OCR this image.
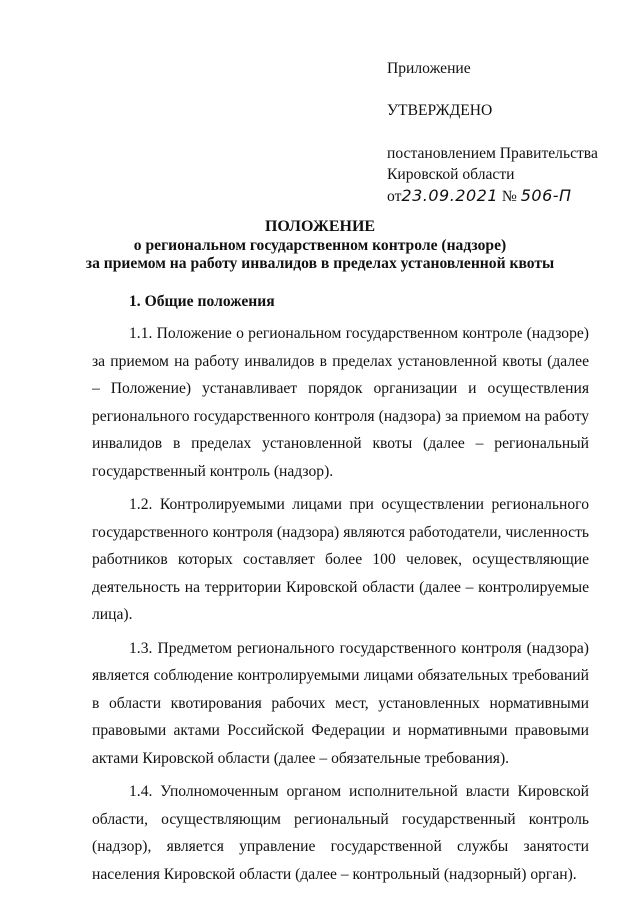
Приложение
УТВЕРЖДЕНО
постановлением Правительства
Кировской области
от23.09.2021 № 506-П
ПОЛОЖЕНИЕ
о региональном государственном контроле (надзоре)
за приемом на работу инвалидов в пределах установленной квоты
1. Общие положения

1.1. Положение о региональном государственном контроле (надзоре) за приемом на работу инвалидов в пределах установленной квоты (далее – Положение) устанавливает порядок организации и осуществления регионального государственного контроля (надзора) за приемом на работу инвалидов в пределах установленной квоты (далее – региональный государственный контроль (надзор).

1.2. Контролируемыми лицами при осуществлении регионального государственного контроля (надзора) являются работодатели, численность работников которых составляет более 100 человек, осуществляющие деятельность на территории Кировской области (далее – контролируемые лица).

1.3. Предметом регионального государственного контроля (надзора) является соблюдение контролируемыми лицами обязательных требований в области квотирования рабочих мест, установленных нормативными правовыми актами Российской Федерации и нормативными правовыми актами Кировской области (далее – обязательные требования).

1.4. Уполномоченным органом исполнительной власти Кировской области, осуществляющим региональный государственный контроль (надзор), является управление государственной службы занятости населения Кировской области (далее – контрольный (надзорный) орган).
